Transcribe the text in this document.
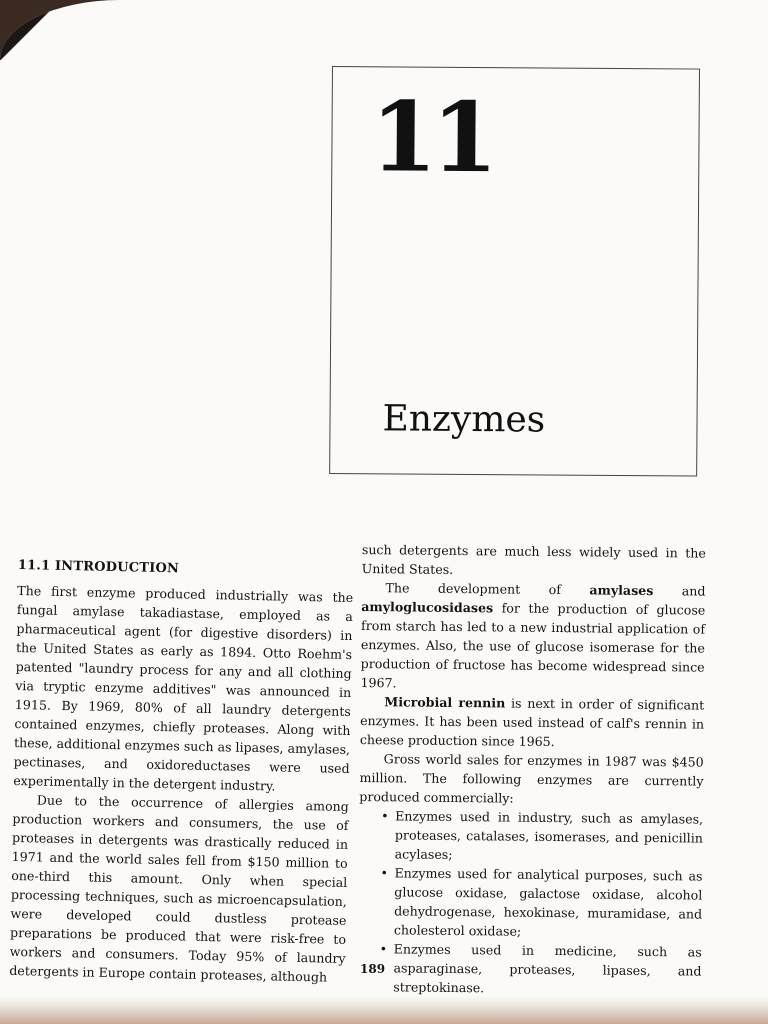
11
Enzymes
11.1 INTRODUCTION

The first enzyme produced industrially was the fungal amylase takadiastase, employed as a pharmaceutical agent (for digestive disorders) in the United States as early as 1894. Otto Roehm's patented "laundry process for any and all clothing via tryptic enzyme additives" was announced in 1915. By 1969, 80% of all laundry detergents contained enzymes, chiefly proteases. Along with these, additional enzymes such as lipases, amylases, pectinases, and oxidoreductases were used experimentally in the detergent industry.

Due to the occurrence of allergies among production workers and consumers, the use of proteases in detergents was drastically reduced in 1971 and the world sales fell from $150 million to one-third this amount. Only when special processing techniques, such as microencapsulation, were developed could dustless protease preparations be produced that were risk-free to workers and consumers. Today 95% of laundry detergents in Europe contain proteases, although

such detergents are much less widely used in the United States.

The development of amylases and amyloglucosidases for the production of glucose from starch has led to a new industrial application of enzymes. Also, the use of glucose isomerase for the production of fructose has become widespread since 1967.

Microbial rennin is next in order of significant enzymes. It has been used instead of calf's rennin in cheese production since 1965.

Gross world sales for enzymes in 1987 was $450 million. The following enzymes are currently produced commercially:

• Enzymes used in industry, such as amylases, proteases, catalases, isomerases, and penicillin acylases;
• Enzymes used for analytical purposes, such as glucose oxidase, galactose oxidase, alcohol dehydrogenase, hexokinase, muramidase, and cholesterol oxidase;
• Enzymes used in medicine, such as asparaginase, proteases, lipases, and streptokinase.
189
